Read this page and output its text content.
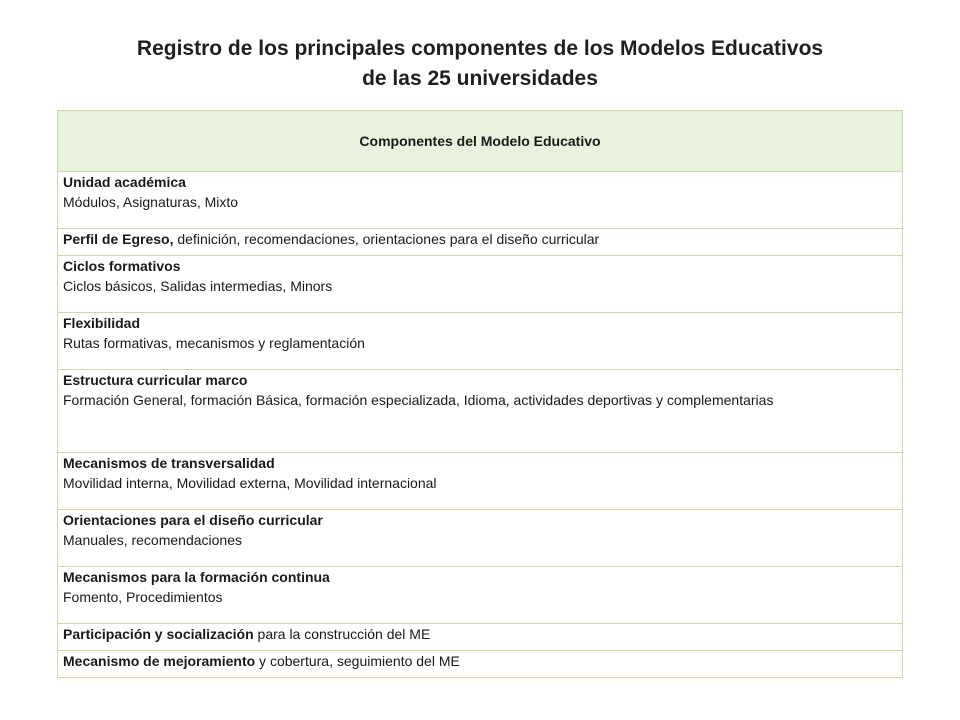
Registro de los principales componentes de los Modelos Educativos
de las 25 universidades
Componentes del Modelo Educativo

Unidad académica
Módulos, Asignaturas, Mixto

Perfil de Egreso, definición, recomendaciones, orientaciones para el diseño curricular

Ciclos formativos
Ciclos básicos, Salidas intermedias, Minors

Flexibilidad
Rutas formativas, mecanismos y reglamentación

Estructura curricular marco
Formación General, formación Básica, formación especializada, Idioma, actividades deportivas y complementarias

Mecanismos de transversalidad
Movilidad interna, Movilidad externa, Movilidad internacional

Orientaciones para el diseño curricular
Manuales, recomendaciones

Mecanismos para la formación continua
Fomento, Procedimientos

Participación y socialización para la construcción del ME
Mecanismo de mejoramiento y cobertura, seguimiento del ME
